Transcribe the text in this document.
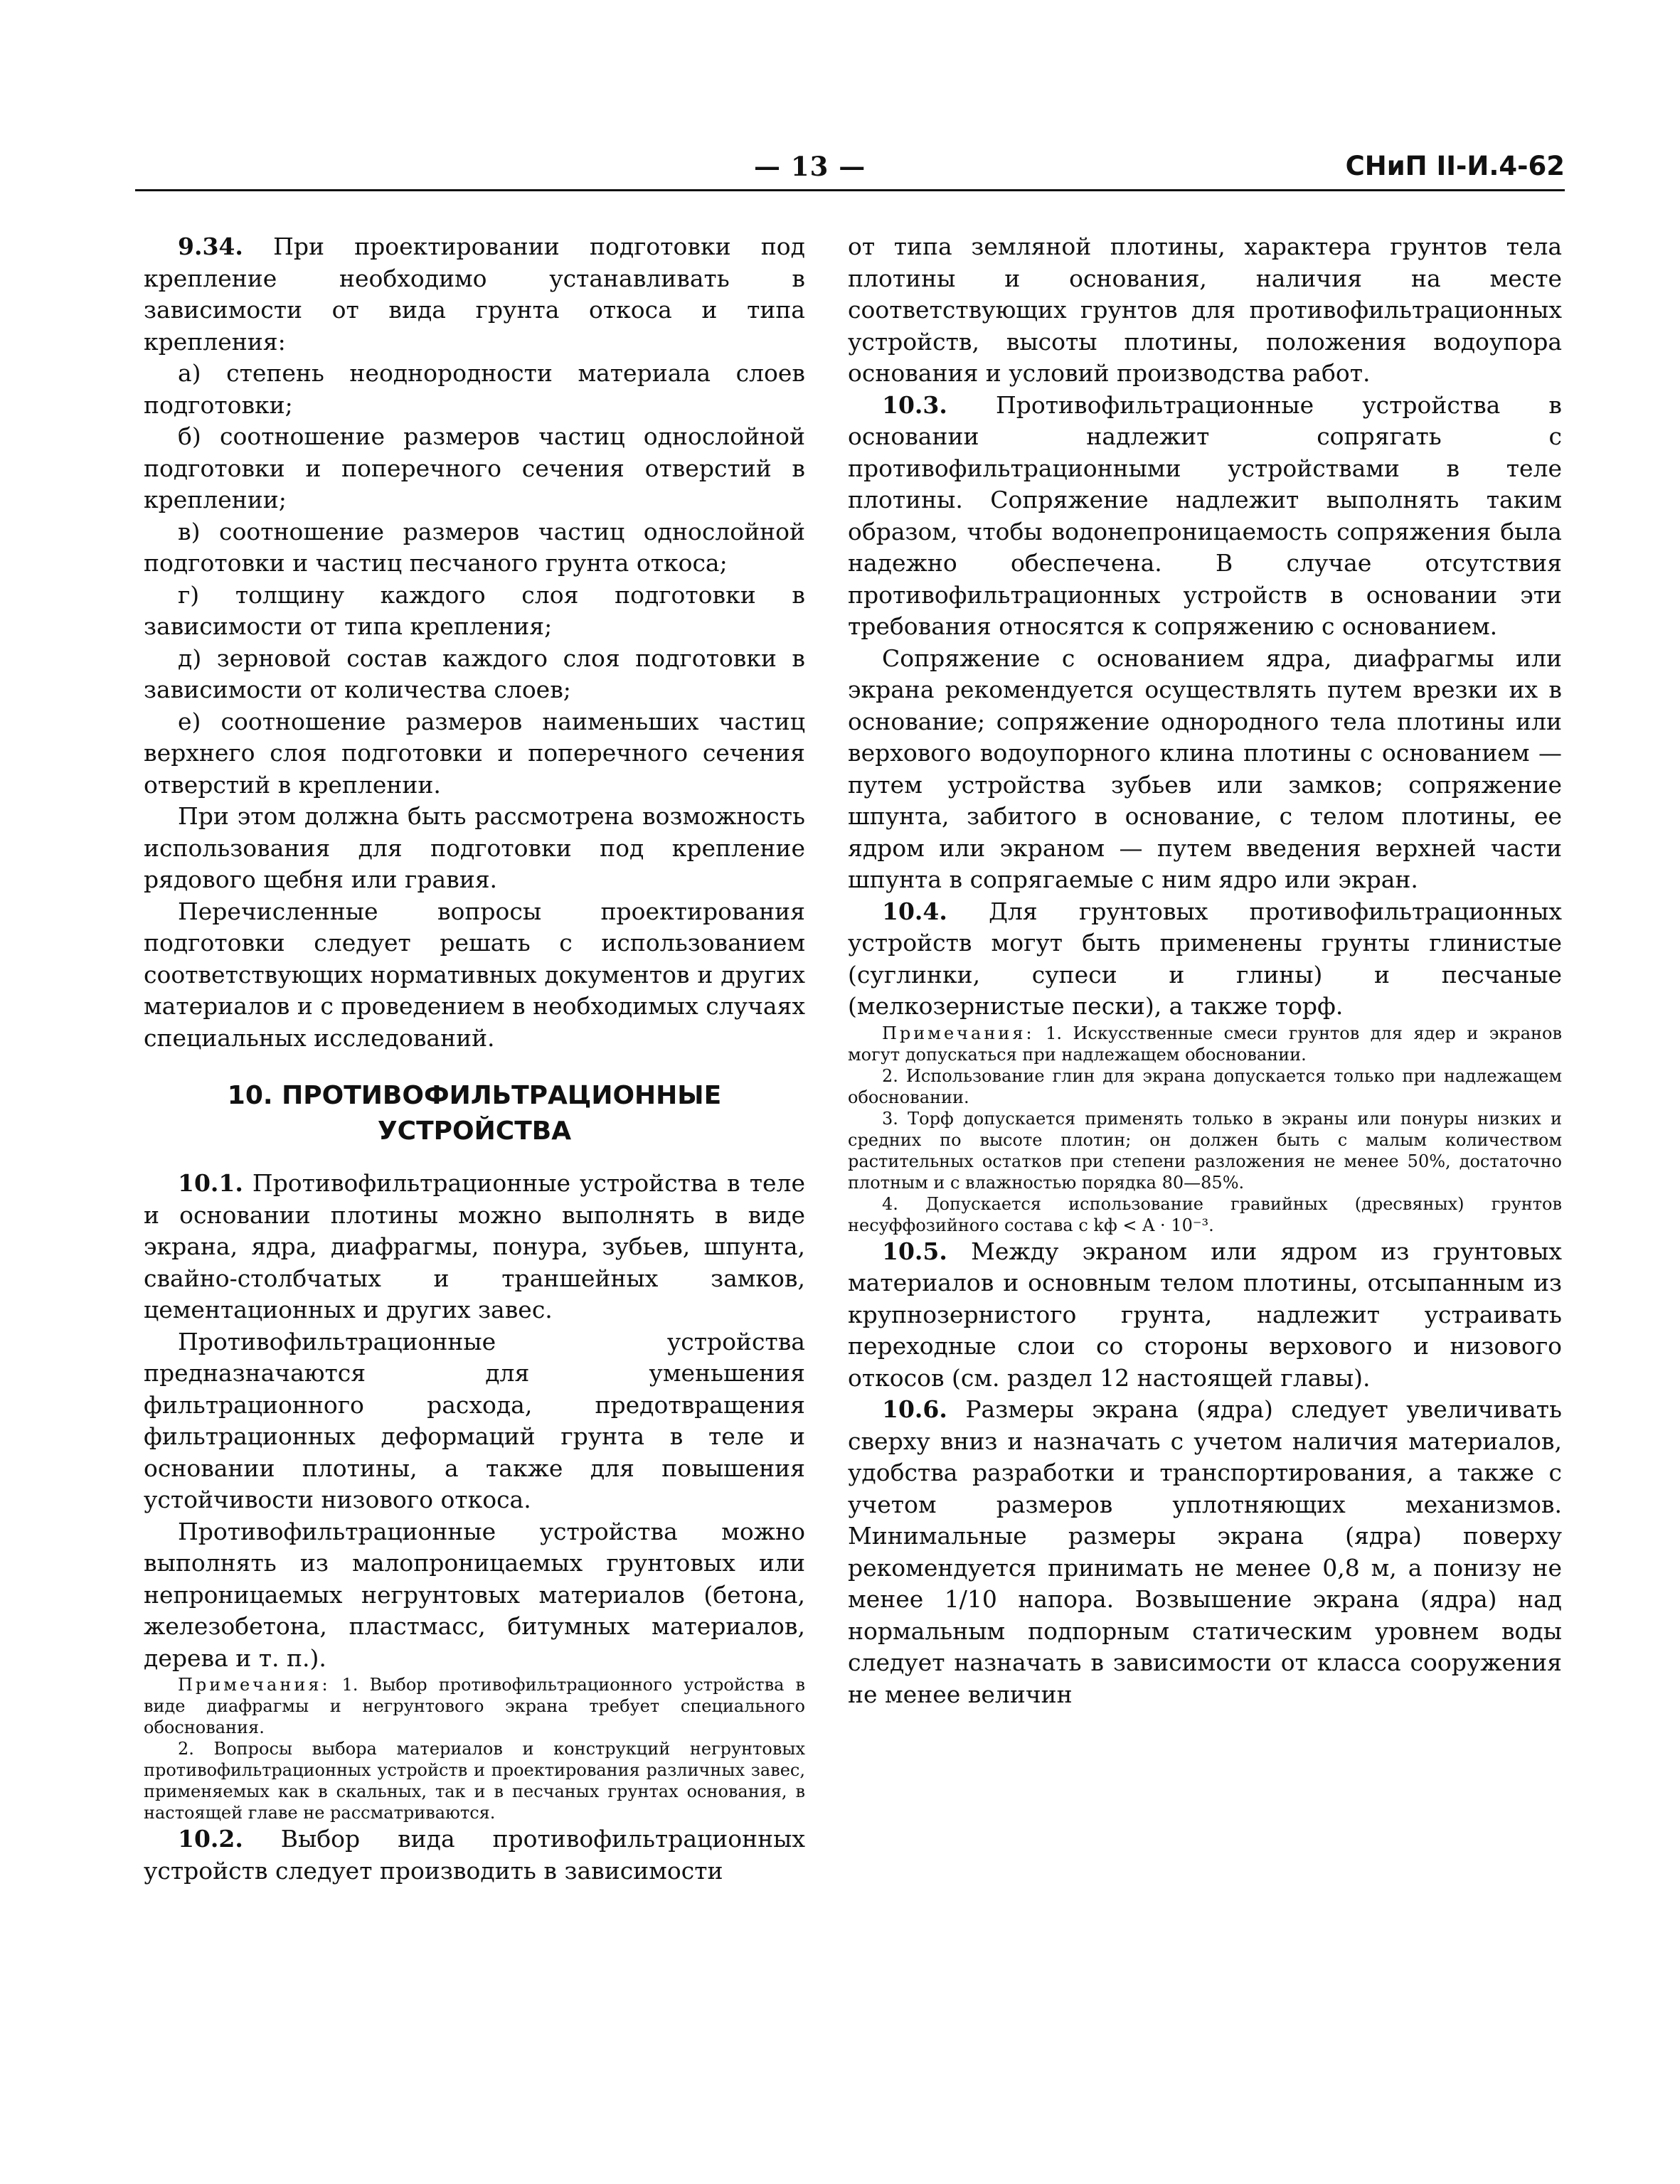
— 13 —	СНиП II-И.4-62

9.34. При проектировании подготовки под крепление необходимо устанавливать в зависимости от вида грунта откоса и типа крепления:

а) степень неоднородности материала слоев подготовки;

б) соотношение размеров частиц однослойной подготовки и поперечного сечения отверстий в креплении;

в) соотношение размеров частиц однослойной подготовки и частиц песчаного грунта откоса;

г) толщину каждого слоя подготовки в зависимости от типа крепления;

д) зерновой состав каждого слоя подготовки в зависимости от количества слоев;

е) соотношение размеров наименьших частиц верхнего слоя подготовки и поперечного сечения отверстий в креплении.

При этом должна быть рассмотрена возможность использования для подготовки под крепление рядового щебня или гравия.

Перечисленные вопросы проектирования подготовки следует решать с использованием соответствующих нормативных документов и других материалов и с проведением в необходимых случаях специальных исследований.

10. ПРОТИВОФИЛЬТРАЦИОННЫЕ
УСТРОЙСТВА

10.1. Противофильтрационные устройства в теле и основании плотины можно выполнять в виде экрана, ядра, диафрагмы, понура, зубьев, шпунта, свайно-столбчатых и траншейных замков, цементационных и других завес.

Противофильтрационные устройства предназначаются для уменьшения фильтрационного расхода, предотвращения фильтрационных деформаций грунта в теле и основании плотины, а также для повышения устойчивости низового откоса.

Противофильтрационные устройства можно выполнять из малопроницаемых грунтовых или непроницаемых негрунтовых материалов (бетона, железобетона, пластмасс, битумных материалов, дерева и т. п.).

Примечания: 1. Выбор противофильтрационного устройства в виде диафрагмы и негрунтового экрана требует специального обоснования.

2. Вопросы выбора материалов и конструкций негрунтовых противофильтрационных устройств и проектирования различных завес, применяемых как в скальных, так и в песчаных грунтах основания, в настоящей главе не рассматриваются.

10.2. Выбор вида противофильтрационных устройств следует производить в зависимости

от типа земляной плотины, характера грунтов тела плотины и основания, наличия на месте соответствующих грунтов для противофильтрационных устройств, высоты плотины, положения водоупора основания и условий производства работ.

10.3. Противофильтрационные устройства в основании надлежит сопрягать с противофильтрационными устройствами в теле плотины. Сопряжение надлежит выполнять таким образом, чтобы водонепроницаемость сопряжения была надежно обеспечена. В случае отсутствия противофильтрационных устройств в основании эти требования относятся к сопряжению с основанием.

Сопряжение с основанием ядра, диафрагмы или экрана рекомендуется осуществлять путем врезки их в основание; сопряжение однородного тела плотины или верхового водоупорного клина плотины с основанием — путем устройства зубьев или замков; сопряжение шпунта, забитого в основание, с телом плотины, ее ядром или экраном — путем введения верхней части шпунта в сопрягаемые с ним ядро или экран.

10.4. Для грунтовых противофильтрационных устройств могут быть применены грунты глинистые (суглинки, супеси и глины) и песчаные (мелкозернистые пески), а также торф.

Примечания: 1. Искусственные смеси грунтов для ядер и экранов могут допускаться при надлежащем обосновании.

2. Использование глин для экрана допускается только при надлежащем обосновании.

3. Торф допускается применять только в экраны или понуры низких и средних по высоте плотин; он должен быть с малым количеством растительных остатков при степени разложения не менее 50%, достаточно плотным и с влажностью порядка 80—85%.

4. Допускается использование гравийных (дресвяных) грунтов несуффозийного состава с kф < A · 10⁻³.

10.5. Между экраном или ядром из грунтовых материалов и основным телом плотины, отсыпанным из крупнозернистого грунта, надлежит устраивать переходные слои со стороны верхового и низового откосов (см. раздел 12 настоящей главы).

10.6. Размеры экрана (ядра) следует увеличивать сверху вниз и назначать с учетом наличия материалов, удобства разработки и транспортирования, а также с учетом размеров уплотняющих механизмов. Минимальные размеры экрана (ядра) поверху рекомендуется принимать не менее 0,8 м, а понизу не менее 1/10 напора. Возвышение экрана (ядра) над нормальным подпорным статическим уровнем воды следует назначать в зависимости от класса сооружения не менее величин
